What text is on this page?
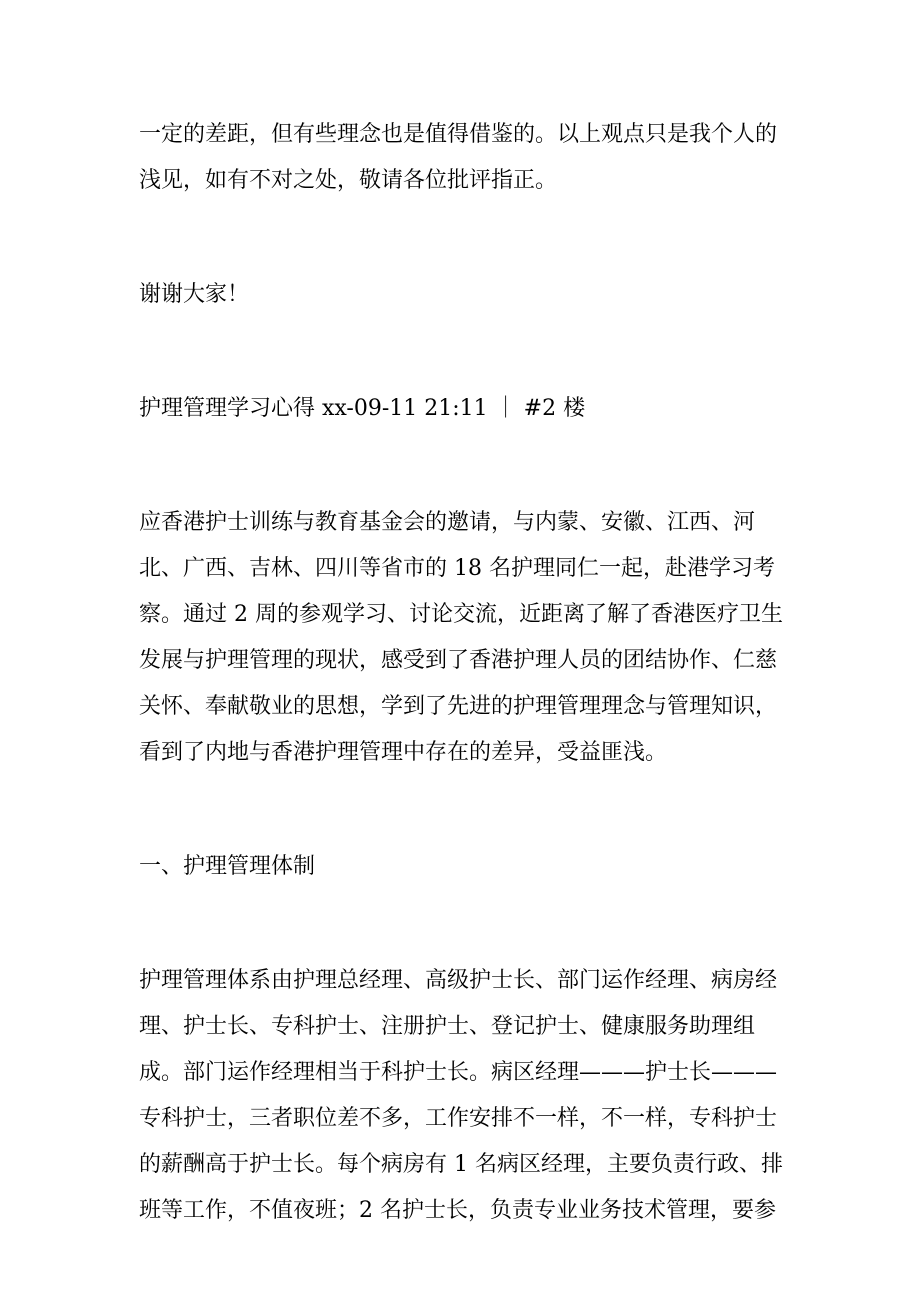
一定的差距，但有些理念也是值得借鉴的。以上观点只是我个人的
浅见，如有不对之处，敬请各位批评指正。
谢谢大家！
护理管理学习心得 xx-09-11 21:11 ｜ #2 楼
应香港护士训练与教育基金会的邀请，与内蒙、安徽、江西、河
北、广西、吉林、四川等省市的 18 名护理同仁一起，赴港学习考
察。通过 2 周的参观学习、讨论交流，近距离了解了香港医疗卫生
发展与护理管理的现状，感受到了香港护理人员的团结协作、仁慈
关怀、奉献敬业的思想，学到了先进的护理管理理念与管理知识，
看到了内地与香港护理管理中存在的差异，受益匪浅。
一、护理管理体制
护理管理体系由护理总经理、高级护士长、部门运作经理、病房经
理、护士长、专科护士、注册护士、登记护士、健康服务助理组
成。部门运作经理相当于科护士长。病区经理———护士长———
专科护士，三者职位差不多，工作安排不一样，不一样，专科护士
的薪酬高于护士长。每个病房有 1 名病区经理，主要负责行政、排
班等工作，不值夜班；2 名护士长，负责专业业务技术管理，要参
